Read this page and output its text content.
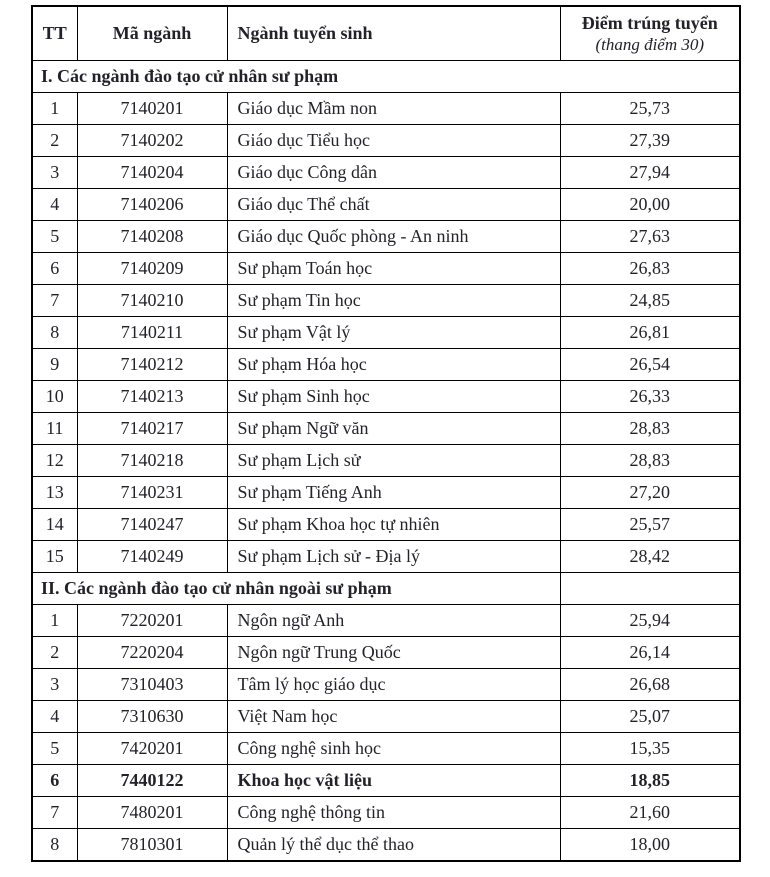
TT	Mã ngành	Ngành tuyển sinh	Điểm trúng tuyển
(thang điểm 30)

I. Các ngành đào tạo cử nhân sư phạm			
1	7140201	Giáo dục Mầm non	25,73
2	7140202	Giáo dục Tiểu học	27,39
3	7140204	Giáo dục Công dân	27,94
4	7140206	Giáo dục Thể chất	20,00
5	7140208	Giáo dục Quốc phòng - An ninh	27,63
6	7140209	Sư phạm Toán học	26,83
7	7140210	Sư phạm Tin học	24,85
8	7140211	Sư phạm Vật lý	26,81
9	7140212	Sư phạm Hóa học	26,54
10	7140213	Sư phạm Sinh học	26,33
11	7140217	Sư phạm Ngữ văn	28,83
12	7140218	Sư phạm Lịch sử	28,83
13	7140231	Sư phạm Tiếng Anh	27,20
14	7140247	Sư phạm Khoa học tự nhiên	25,57
15	7140249	Sư phạm Lịch sử - Địa lý	28,42
II. Các ngành đào tạo cử nhân ngoài sư phạm			
1	7220201	Ngôn ngữ Anh	25,94
2	7220204	Ngôn ngữ Trung Quốc	26,14
3	7310403	Tâm lý học giáo dục	26,68
4	7310630	Việt Nam học	25,07
5	7420201	Công nghệ sinh học	15,35
6	7440122	Khoa học vật liệu	18,85
7	7480201	Công nghệ thông tin	21,60
8	7810301	Quản lý thể dục thể thao	18,00
